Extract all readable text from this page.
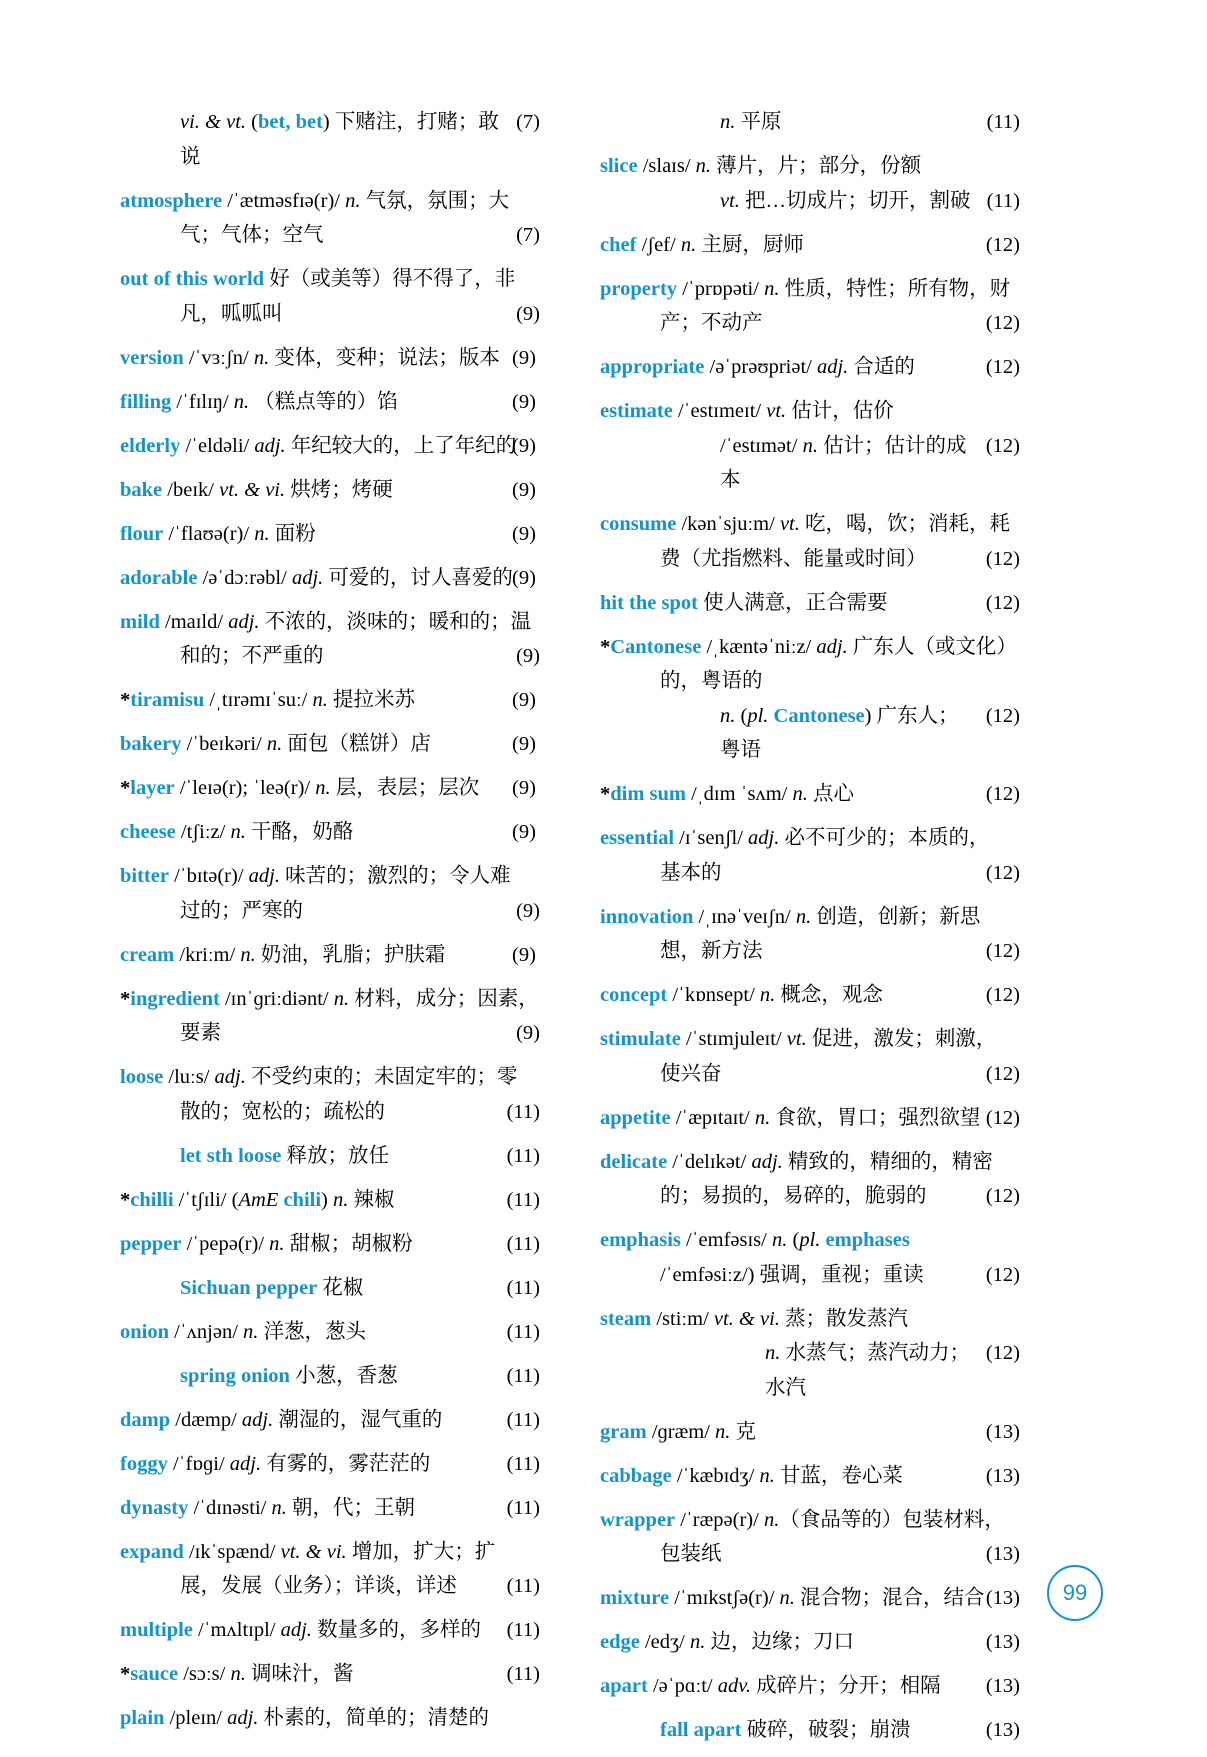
vi. & vt. (bet, bet) 下赌注，打赌；敢说
(7)
atmosphere /ˈætməsfɪə(r)/ n. 气氛，氛围；大
气；气体；空气	(7)
out of this world 好（或美等）得不得了，非
凡，呱呱叫	(9)
version /ˈvɜːʃn/ n. 变体，变种；说法；版本 (9)
filling /ˈfɪlɪŋ/ n. （糕点等的）馅	(9)
elderly /ˈeldəli/ adj. 年纪较大的，上了年纪的
(9)
bake /beɪk/ vt. & vi. 烘烤；烤硬	(9)
flour /ˈflaʊə(r)/ n. 面粉	(9)
adorable /əˈdɔːrəbl/ adj. 可爱的，讨人喜爱的 (9)
mild /maɪld/ adj. 不浓的，淡味的；暖和的；温
和的；不严重的	(9)
*tiramisu /ˌtɪrəmɪˈsuː/ n. 提拉米苏	(9)
bakery /ˈbeɪkəri/ n. 面包（糕饼）店	(9)
*layer /ˈleɪə(r); ˈleə(r)/ n. 层，表层；层次	(9)
cheese /tʃiːz/ n. 干酪，奶酪	(9)
bitter /ˈbɪtə(r)/ adj. 味苦的；激烈的；令人难
过的；严寒的	(9)
cream /kriːm/ n. 奶油，乳脂；护肤霜	(9)
*ingredient /ɪnˈɡriːdiənt/ n. 材料，成分；因素，
要素	(9)
loose /luːs/ adj. 不受约束的；未固定牢的；零
散的；宽松的；疏松的	(11)
let sth loose 释放；放任	(11)
*chilli /ˈtʃɪli/ (AmE chili) n. 辣椒	(11)
pepper /ˈpepə(r)/ n. 甜椒；胡椒粉	(11)
Sichuan pepper 花椒	(11)
onion /ˈʌnjən/ n. 洋葱，葱头	(11)
spring onion 小葱，香葱	(11)
damp /dæmp/ adj. 潮湿的，湿气重的	(11)
foggy /ˈfɒɡi/ adj. 有雾的，雾茫茫的	(11)
dynasty /ˈdɪnəsti/ n. 朝，代；王朝	(11)
expand /ɪkˈspænd/ vt. & vi. 增加，扩大；扩
展，发展（业务）；详谈，详述	(11)
multiple /ˈmʌltɪpl/ adj. 数量多的，多样的	(11)
*sauce /sɔːs/ n. 调味汁，酱	(11)
plain /pleɪn/ adj. 朴素的，简单的；清楚的
n. 平原	(11)
slice /slaɪs/ n. 薄片，片；部分，份额
vt. 把…切成片；切开，割破 (11)
chef /ʃef/ n. 主厨，厨师	(12)
property /ˈprɒpəti/ n. 性质，特性；所有物，财
产；不动产	(12)
appropriate /əˈprəʊpriət/ adj. 合适的	(12)
estimate /ˈestɪmeɪt/ vt. 估计，估价
/ˈestɪmət/ n. 估计；估计的成本
(12)
consume /kənˈsjuːm/ vt. 吃，喝，饮；消耗，耗
费（尤指燃料、能量或时间）	(12)
hit the spot 使人满意，正合需要	(12)
*Cantonese /ˌkæntəˈniːz/ adj. 广东人（或文化）
的，粤语的
n. (pl. Cantonese) 广东人；粤语
(12)
*dim sum /ˌdɪm ˈsʌm/ n. 点心	(12)
essential /ɪˈsenʃl/ adj. 必不可少的；本质的，
基本的	(12)
innovation /ˌɪnəˈveɪʃn/ n. 创造，创新；新思
想，新方法	(12)
concept /ˈkɒnsept/ n. 概念，观念	(12)
stimulate /ˈstɪmjuleɪt/ vt. 促进，激发；刺激，
使兴奋	(12)
appetite /ˈæpɪtaɪt/ n. 食欲，胃口；强烈欲望 (12)
delicate /ˈdelɪkət/ adj. 精致的，精细的，精密
的；易损的，易碎的，脆弱的	(12)
emphasis /ˈemfəsɪs/ n. (pl. emphases
/ˈemfəsiːz/) 强调，重视；重读	(12)
steam /stiːm/ vt. & vi. 蒸；散发蒸汽
n. 水蒸气；蒸汽动力；水汽
(12)
gram /ɡræm/ n. 克	(13)
cabbage /ˈkæbɪdʒ/ n. 甘蓝，卷心菜	(13)
wrapper /ˈræpə(r)/ n.（食品等的）包装材料，
包装纸	(13)
mixture /ˈmɪkstʃə(r)/ n. 混合物；混合，结合 (13)
edge /edʒ/ n. 边，边缘；刀口	(13)
apart /əˈpɑːt/ adv. 成碎片；分开；相隔	(13)
fall apart 破碎，破裂；崩溃	(13)
99
